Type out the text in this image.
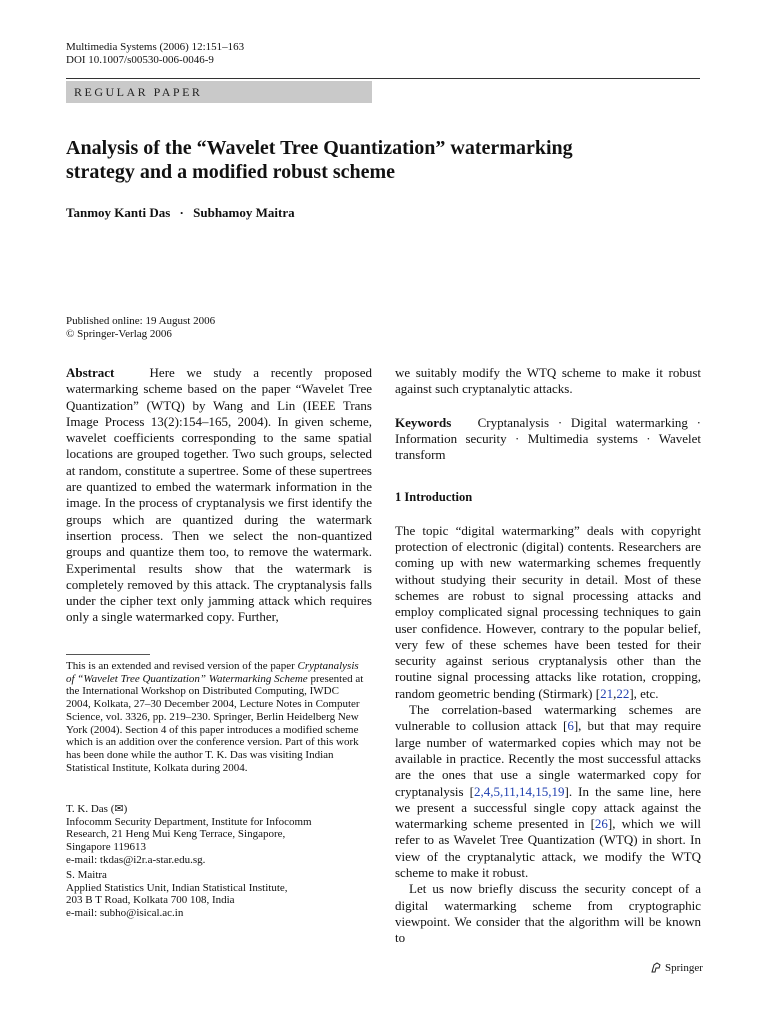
Multimedia Systems (2006) 12:151–163
DOI 10.1007/s00530-006-0046-9
REGULAR PAPER
Analysis of the “Wavelet Tree Quantization” watermarking
strategy and a modified robust scheme
Tanmoy Kanti Das · Subhamoy Maitra
Published online: 19 August 2006
© Springer-Verlag 2006

Abstract	Here we study a recently proposed watermarking scheme based on the paper “Wavelet Tree Quantization” (WTQ) by Wang and Lin (IEEE Trans Image Process 13(2):154–165, 2004). In given scheme, wavelet coefficients corresponding to the same spatial locations are grouped together. Two such groups, selected at random, constitute a supertree. Some of these supertrees are quantized to embed the watermark information in the image. In the process of cryptanalysis we first identify the groups which are quantized during the watermark insertion process. Then we select the non-quantized groups and quantize them too, to remove the watermark. Experimental results show that the watermark is completely removed by this attack. The cryptanalysis falls under the cipher text only jamming attack which requires only a single watermarked copy. Further,

This is an extended and revised version of the paper Cryptanalysis of “Wavelet Tree Quantization” Watermarking Scheme presented at the International Workshop on Distributed Computing, IWDC 2004, Kolkata, 27–30 December 2004, Lecture Notes in Computer Science, vol. 3326, pp. 219–230. Springer, Berlin Heidelberg New York (2004). Section 4 of this paper introduces a modified scheme which is an addition over the conference version. Part of this work has been done while the author T. K. Das was visiting Indian Statistical Institute, Kolkata during 2004.

T. K. Das (✉)
Infocomm Security Department, Institute for Infocomm
Research, 21 Heng Mui Keng Terrace, Singapore,
Singapore 119613
e-mail: tkdas@i2r.a-star.edu.sg.
S. Maitra
Applied Statistics Unit, Indian Statistical Institute,
203 B T Road, Kolkata 700 108, India
e-mail: subho@isical.ac.in

we suitably modify the WTQ scheme to make it robust against such cryptanalytic attacks.

Keywords Cryptanalysis · Digital watermarking · Information security · Multimedia systems · Wavelet transform

1 Introduction

The topic “digital watermarking” deals with copyright protection of electronic (digital) contents. Researchers are coming up with new watermarking schemes frequently without studying their security in detail. Most of these schemes are robust to signal processing attacks and employ complicated signal processing techniques to gain user confidence. However, contrary to the popular belief, very few of these schemes have been tested for their security against serious cryptanalysis other than the routine signal processing attacks like rotation, cropping, random geometric bending (Stirmark) [21,22], etc.

The correlation-based watermarking schemes are vulnerable to collusion attack [6], but that may require large number of watermarked copies which may not be available in practice. Recently the most successful attacks are the ones that use a single watermarked copy for cryptanalysis [2,4,5,11,14,15,19]. In the same line, here we present a successful single copy attack against the watermarking scheme presented in [26], which we will refer to as Wavelet Tree Quantization (WTQ) in short. In view of the cryptanalytic attack, we modify the WTQ scheme to make it robust.

Let us now briefly discuss the security concept of a digital watermarking scheme from cryptographic viewpoint. We consider that the algorithm will be known to

Springer
